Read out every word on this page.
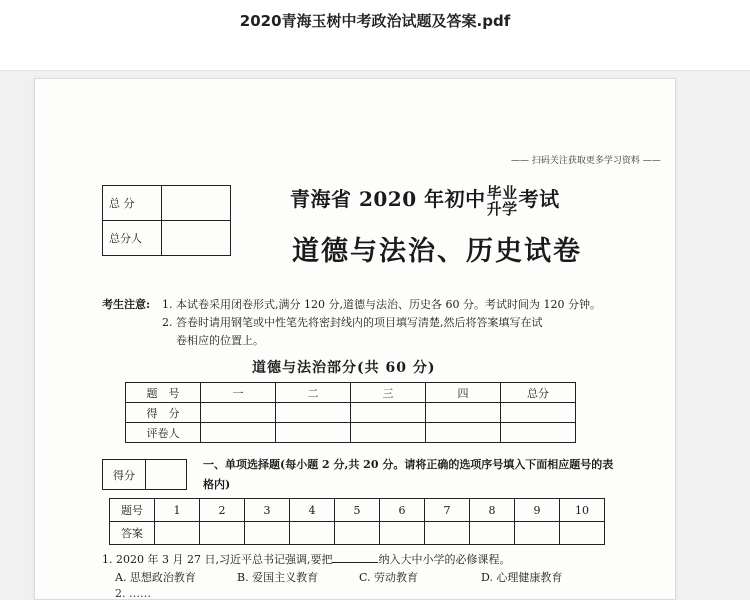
2020青海玉树中考政治试题及答案.pdf
—— 扫码关注获取更多学习资料 ——
总 分	
总分人	
青海省 2020 年初中毕业
升学考试
道德与法治、历史试卷
考生注意: 1. 本试卷采用闭卷形式,满分 120 分,道德与法治、历史各 60 分。考试时间为 120 分钟。
2. 答卷时请用钢笔或中性笔先将密封线内的项目填写清楚,然后将答案填写在试
卷相应的位置上。
道德与法治部分(共 60 分)
题　号	一	二	三	四	总分
得　分					
评卷人					
得分	
一、单项选择题(每小题 2 分,共 20 分。请将正确的选项序号填入下面相应题号的表格内)
题号	1	2	3	4	5	6	7	8	9	10
答案										
1. 2020 年 3 月 27 日,习近平总书记强调,要把	纳入大中小学的必修课程。
A. 思想政治教育	B. 爱国主义教育	C. 劳动教育	D. 心理健康教育
2. ……
